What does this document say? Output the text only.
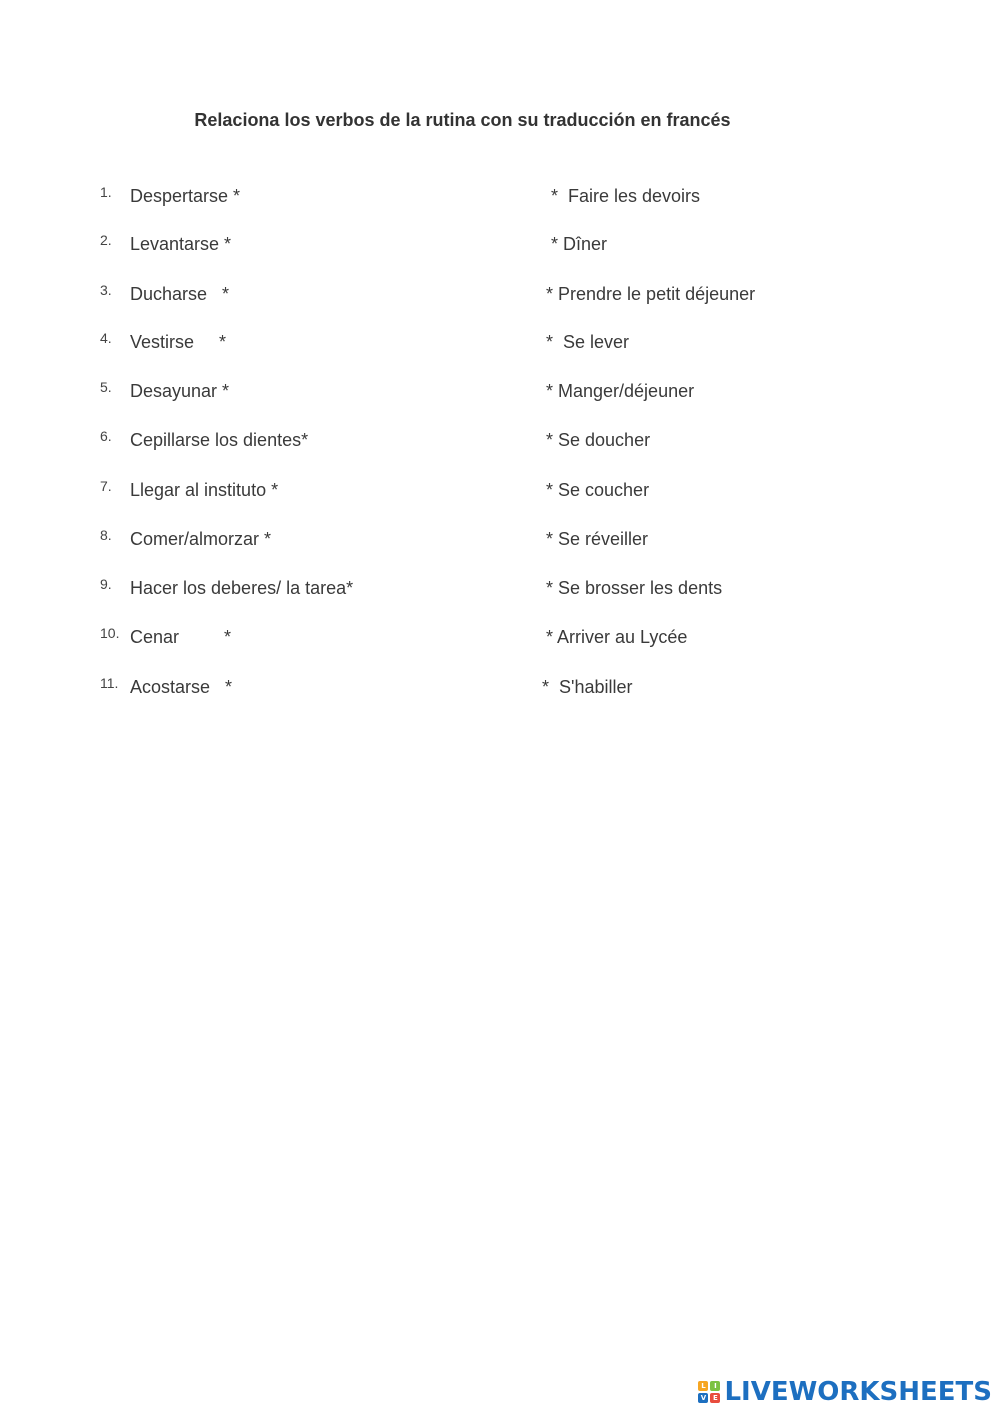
Relaciona los verbos de la rutina con su traducción en francés
1. Despertarse *	*  Faire les devoirs
2. Levantarse *	* Dîner
3. Ducharse   *	* Prendre le petit déjeuner
4. Vestirse     *	*  Se lever
5. Desayunar *	* Manger/déjeuner
6. Cepillarse los dientes*	* Se doucher
7. Llegar al instituto *	* Se coucher
8. Comer/almorzar *	* Se réveiller
9. Hacer los deberes/ la tarea*	* Se brosser les dents
10. Cenar         *	* Arriver au Lycée
11. Acostarse   *	*  S'habiller
L	I
V E LIVEWORKSHEETS
